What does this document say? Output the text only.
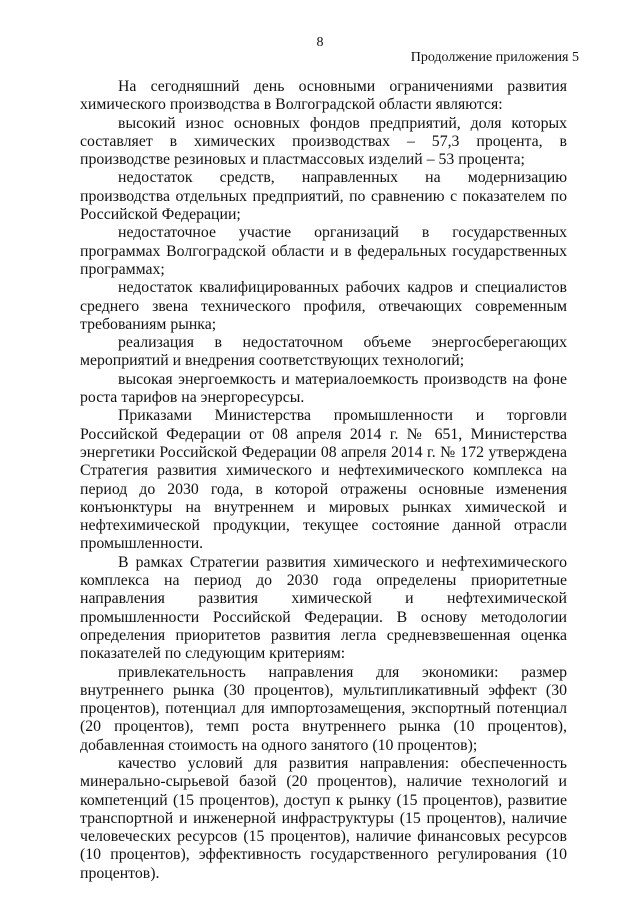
8
Продолжение приложения 5

На сегодняшний день основными ограничениями развития химического производства в Волгоградской области являются:

высокий износ основных фондов предприятий, доля которых составляет в химических производствах – 57,3 процента, в производстве резиновых и пластмассовых изделий – 53 процента;

недостаток средств, направленных на модернизацию производства отдельных предприятий, по сравнению с показателем по Российской Федерации;

недостаточное участие организаций в государственных программах Волгоградской области и в федеральных государственных программах;

недостаток квалифицированных рабочих кадров и специалистов среднего звена технического профиля, отвечающих современным требованиям рынка;

реализация в недостаточном объеме энергосберегающих мероприятий и внедрения соответствующих технологий;

высокая энергоемкость и материалоемкость производств на фоне роста тарифов на энергоресурсы.

Приказами Министерства промышленности и торговли Российской Федерации от 08 апреля 2014 г. № 651, Министерства энергетики Российской Федерации 08 апреля 2014 г. № 172 утверждена Стратегия развития химического и нефтехимического комплекса на период до 2030 года, в которой отражены основные изменения конъюнктуры на внутреннем и мировых рынках химической и нефтехимической продукции, текущее состояние данной отрасли промышленности.

В рамках Стратегии развития химического и нефтехимического комплекса на период до 2030 года определены приоритетные направления развития химической и нефтехимической промышленности Российской Федерации. В основу методологии определения приоритетов развития легла средневзвешенная оценка показателей по следующим критериям:

привлекательность направления для экономики: размер внутреннего рынка (30 процентов), мультипликативный эффект (30 процентов), потенциал для импортозамещения, экспортный потенциал (20 процентов), темп роста внутреннего рынка (10 процентов), добавленная стоимость на одного занятого (10 процентов);

качество условий для развития направления: обеспеченность минерально-сырьевой базой (20 процентов), наличие технологий и компетенций (15 процентов), доступ к рынку (15 процентов), развитие транспортной и инженерной инфраструктуры (15 процентов), наличие человеческих ресурсов (15 процентов), наличие финансовых ресурсов (10 процентов), эффективность государственного регулирования (10 процентов).
